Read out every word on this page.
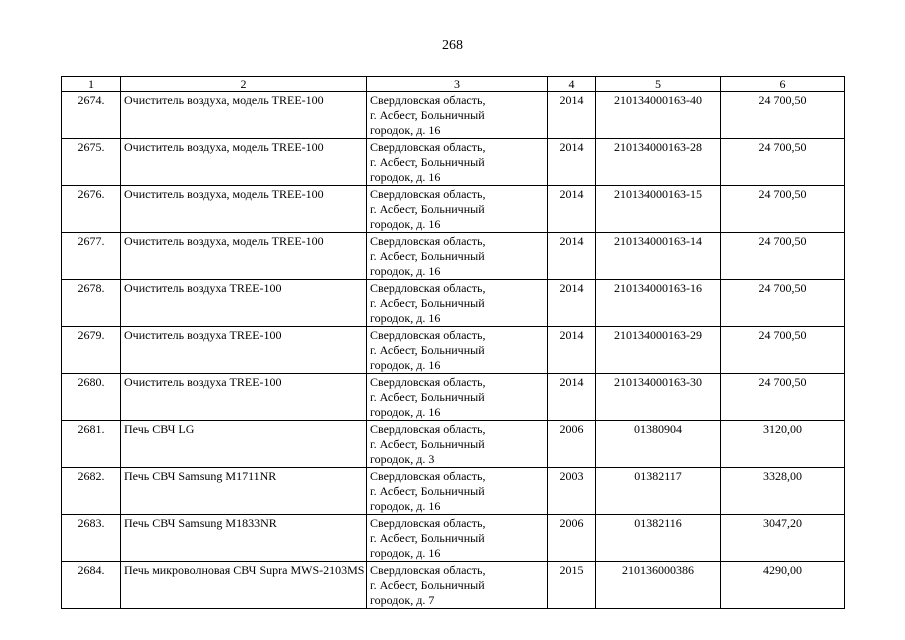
268
1	2	3	4	5	6
2674.	Очиститель воздуха, модель TREE-100	Свердловская область,
г. Асбест, Больничный
городок, д. 16	2014	210134000163-40	24 700,50
2675.	Очиститель воздуха, модель TREE-100	Свердловская область,
г. Асбест, Больничный
городок, д. 16	2014	210134000163-28	24 700,50
2676.	Очиститель воздуха, модель TREE-100	Свердловская область,
г. Асбест, Больничный
городок, д. 16	2014	210134000163-15	24 700,50
2677.	Очиститель воздуха, модель TREE-100	Свердловская область,
г. Асбест, Больничный
городок, д. 16	2014	210134000163-14	24 700,50
2678.	Очиститель воздуха TREE-100	Свердловская область,
г. Асбест, Больничный
городок, д. 16	2014	210134000163-16	24 700,50
2679.	Очиститель воздуха TREE-100	Свердловская область,
г. Асбест, Больничный
городок, д. 16	2014	210134000163-29	24 700,50
2680.	Очиститель воздуха TREE-100	Свердловская область,
г. Асбест, Больничный
городок, д. 16	2014	210134000163-30	24 700,50
2681.	Печь СВЧ LG	Свердловская область,
г. Асбест, Больничный
городок, д. 3	2006	01380904	3120,00
2682.	Печь СВЧ Samsung M1711NR	Свердловская область,
г. Асбест, Больничный
городок, д. 16	2003	01382117	3328,00
2683.	Печь СВЧ Samsung M1833NR	Свердловская область,
г. Асбест, Больничный
городок, д. 16	2006	01382116	3047,20
2684.	Печь микроволновая СВЧ Supra MWS-2103MS	Свердловская область,
г. Асбест, Больничный
городок, д. 7	2015	210136000386	4290,00
